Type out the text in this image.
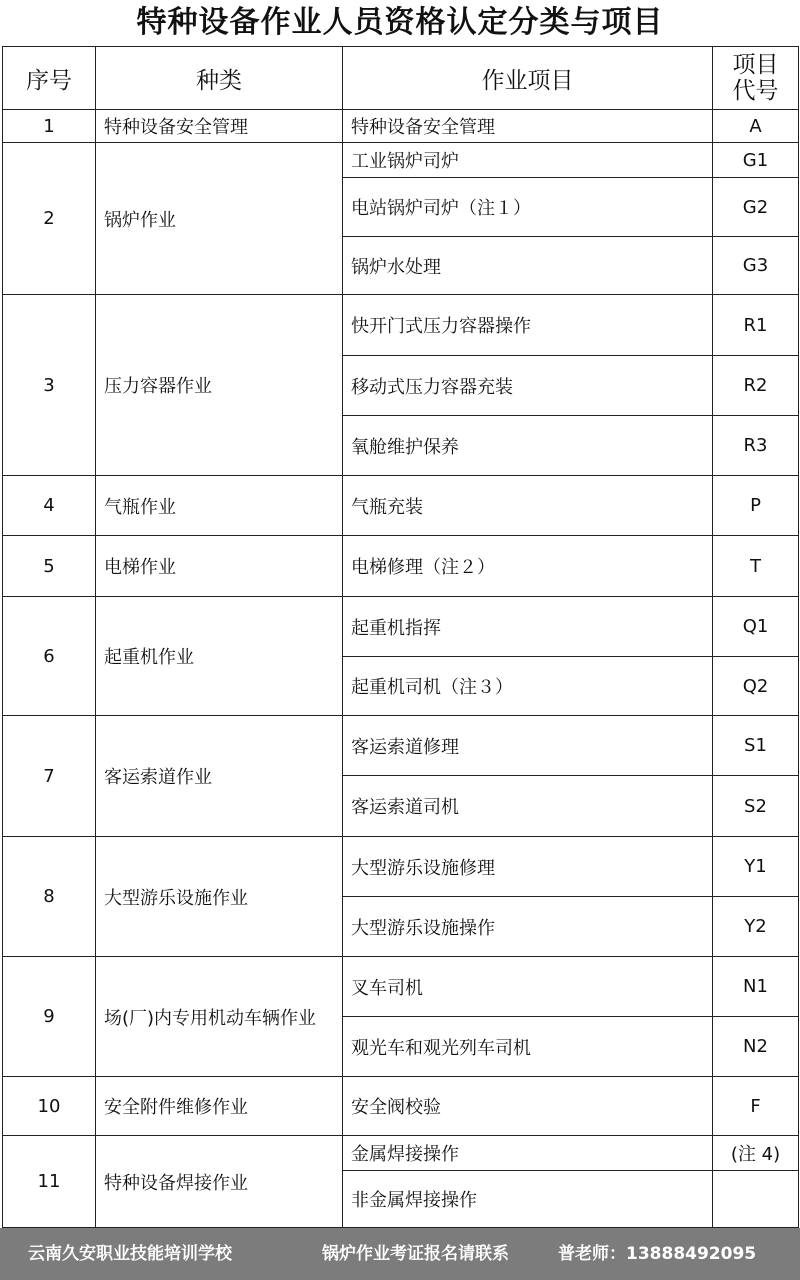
特种设备作业人员资格认定分类与项目
序号	种类	作业项目	项目
代号

1	特种设备安全管理	特种设备安全管理	A
2	锅炉作业	工业锅炉司炉	G1
		电站锅炉司炉（注１）	G2
		锅炉水处理	G3
3	压力容器作业	快开门式压力容器操作	R1
		移动式压力容器充装	R2
		氧舱维护保养	R3
4	气瓶作业	气瓶充装	P
5	电梯作业	电梯修理（注２）	T
6	起重机作业	起重机指挥	Q1
		起重机司机（注３）	Q2
7	客运索道作业	客运索道修理	S1
		客运索道司机	S2
8	大型游乐设施作业	大型游乐设施修理	Y1
		大型游乐设施操作	Y2
9	场(厂)内专用机动车辆作业	叉车司机	N1
		观光车和观光列车司机	N2
10	安全附件维修作业	安全阀校验	F
11	特种设备焊接作业	金属焊接操作	(注 4)
		非金属焊接操作	
云南久安职业技能培训学校	锅炉作业考证报名请联系	普老师：13888492095
